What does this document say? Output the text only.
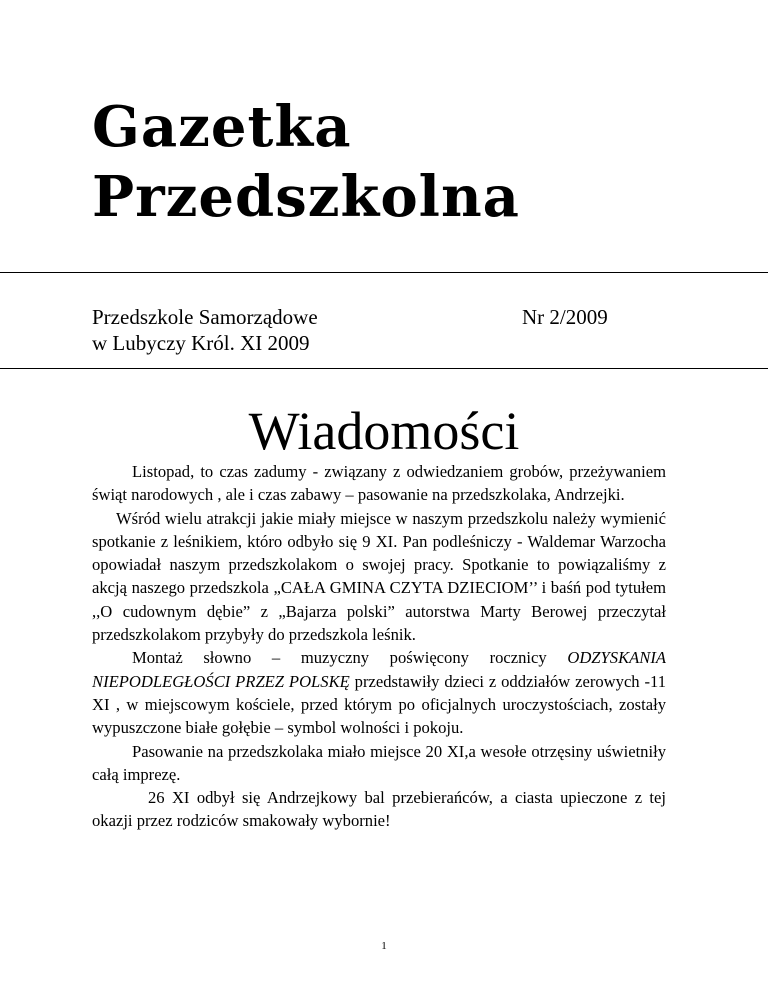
Gazetka
Przedszkolna
Przedszkole Samorządowe
w Lubyczy Król. XI 2009
Nr 2/2009
Wiadomości

Listopad, to czas zadumy - związany z odwiedzaniem grobów, przeżywaniem świąt narodowych , ale i czas zabawy – pasowanie na przedszkolaka, Andrzejki.

Wśród wielu atrakcji jakie miały miejsce w naszym przedszkolu należy wymienić spotkanie z leśnikiem, któro odbyło się 9 XI. Pan podleśniczy - Waldemar Warzocha opowiadał naszym przedszkolakom o swojej pracy. Spotkanie to powiązaliśmy z akcją naszego przedszkola „CAŁA GMINA CZYTA DZIECIOM’’ i baśń pod tytułem ,,O cudownym dębie” z „Bajarza polski” autorstwa Marty Berowej przeczytał przedszkolakom przybyły do przedszkola leśnik.

Montaż słowno – muzyczny poświęcony rocznicy ODZYSKANIA NIEPODLEGŁOŚCI PRZEZ POLSKĘ przedstawiły dzieci z oddziałów zerowych -11 XI , w miejscowym kościele, przed którym po oficjalnych uroczystościach, zostały wypuszczone białe gołębie – symbol wolności i pokoju.

Pasowanie na przedszkolaka miało miejsce 20 XI,a wesołe otrzęsiny uświetniły całą imprezę.

26 XI odbył się Andrzejkowy bal przebierańców, a ciasta upieczone z tej okazji przez rodziców smakowały wybornie!

1
